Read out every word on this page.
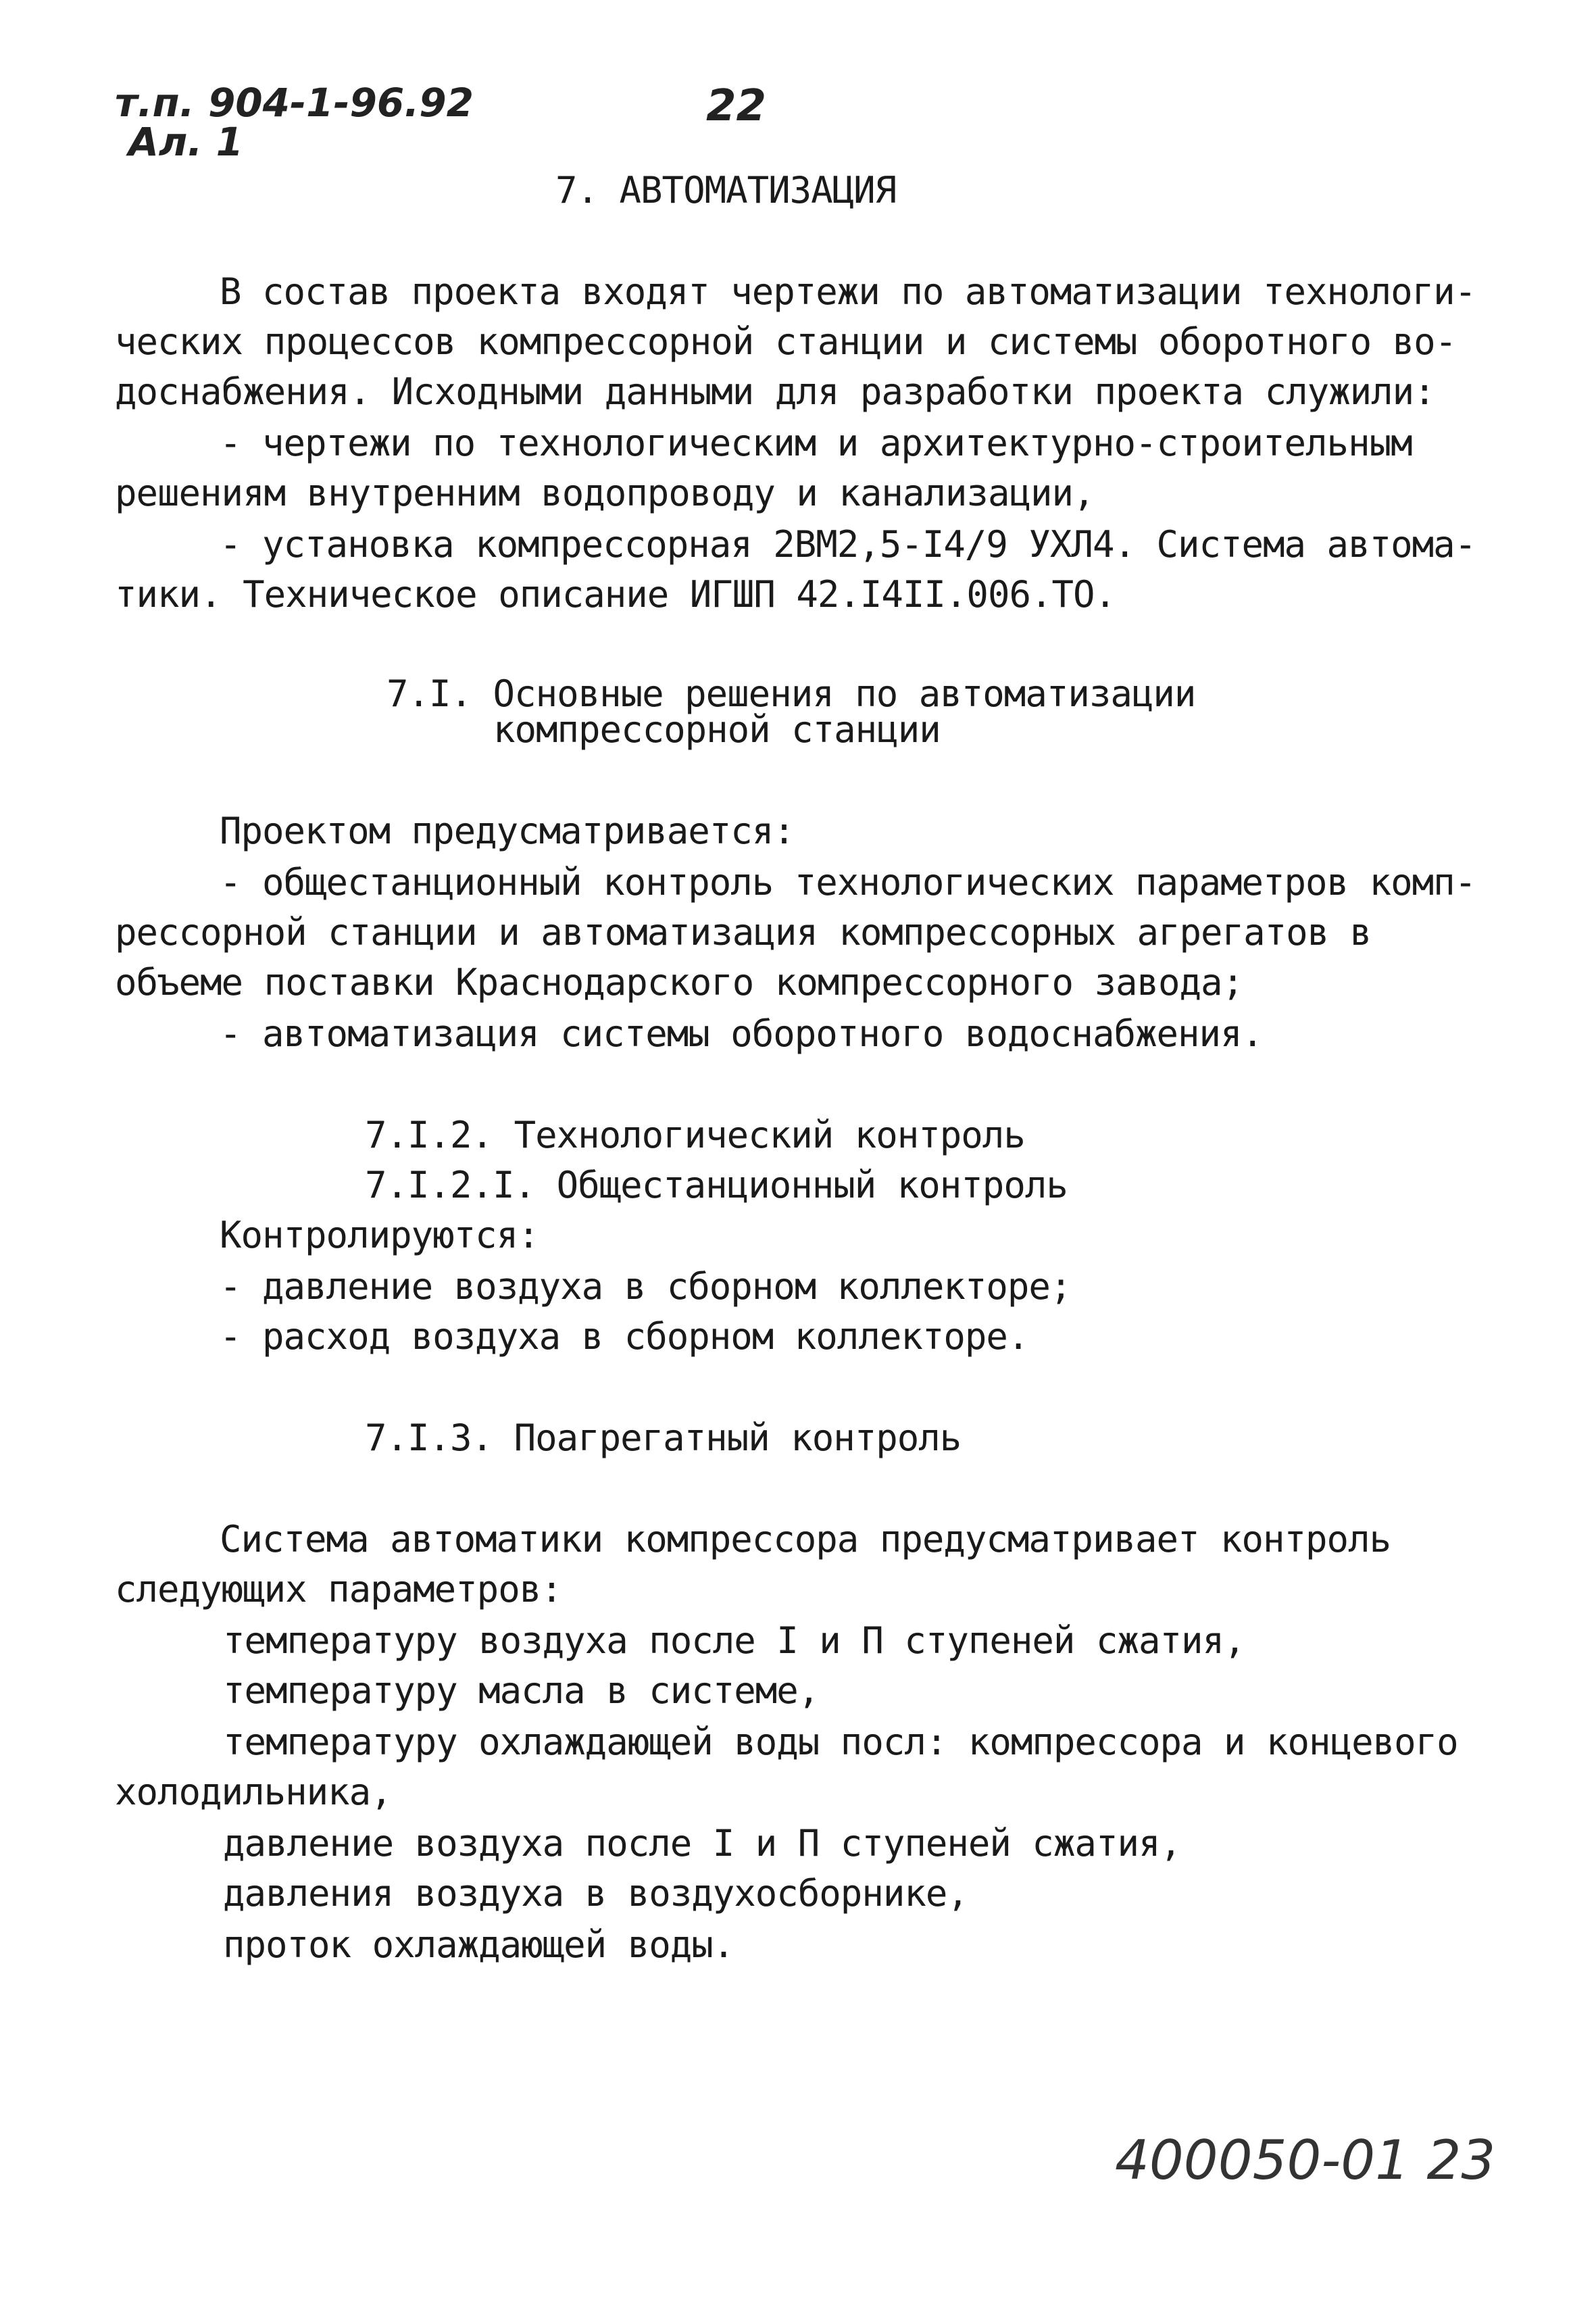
т.п. 904-1-96.92
Ал. 1
22
7. АВТОМАТИЗАЦИЯ
В состав проекта входят чертежи по автоматизации технологи-
ческих процессов компрессорной станции и системы оборотного во-
доснабжения. Исходными данными для разработки проекта служили:
- чертежи по технологическим и архитектурно-строительным
решениям внутренним водопроводу и канализации,
- установка компрессорная 2ВМ2,5-I4/9 УХЛ4. Система автома-
тики. Техническое описание ИГШП 42.I4II.006.ТО.
7.I. Основные решения по автоматизации
компрессорной станции
Проектом предусматривается:
- общестанционный контроль технологических параметров комп-
рессорной станции и автоматизация компрессорных агрегатов в
объеме поставки Краснодарского компрессорного завода;
- автоматизация системы оборотного водоснабжения.
7.I.2. Технологический контроль
7.I.2.I. Общестанционный контроль
Контролируются:
- давление воздуха в сборном коллекторе;
- расход воздуха в сборном коллекторе.
7.I.3. Поагрегатный контроль
Система автоматики компрессора предусматривает контроль
следующих параметров:
температуру воздуха после I и П ступеней сжатия,
температуру масла в системе,
температуру охлаждающей воды посл: компрессора и концевого
холодильника,
давление воздуха после I и П ступеней сжатия,
давления воздуха в воздухосборнике,
проток охлаждающей воды.
400050-01 23
